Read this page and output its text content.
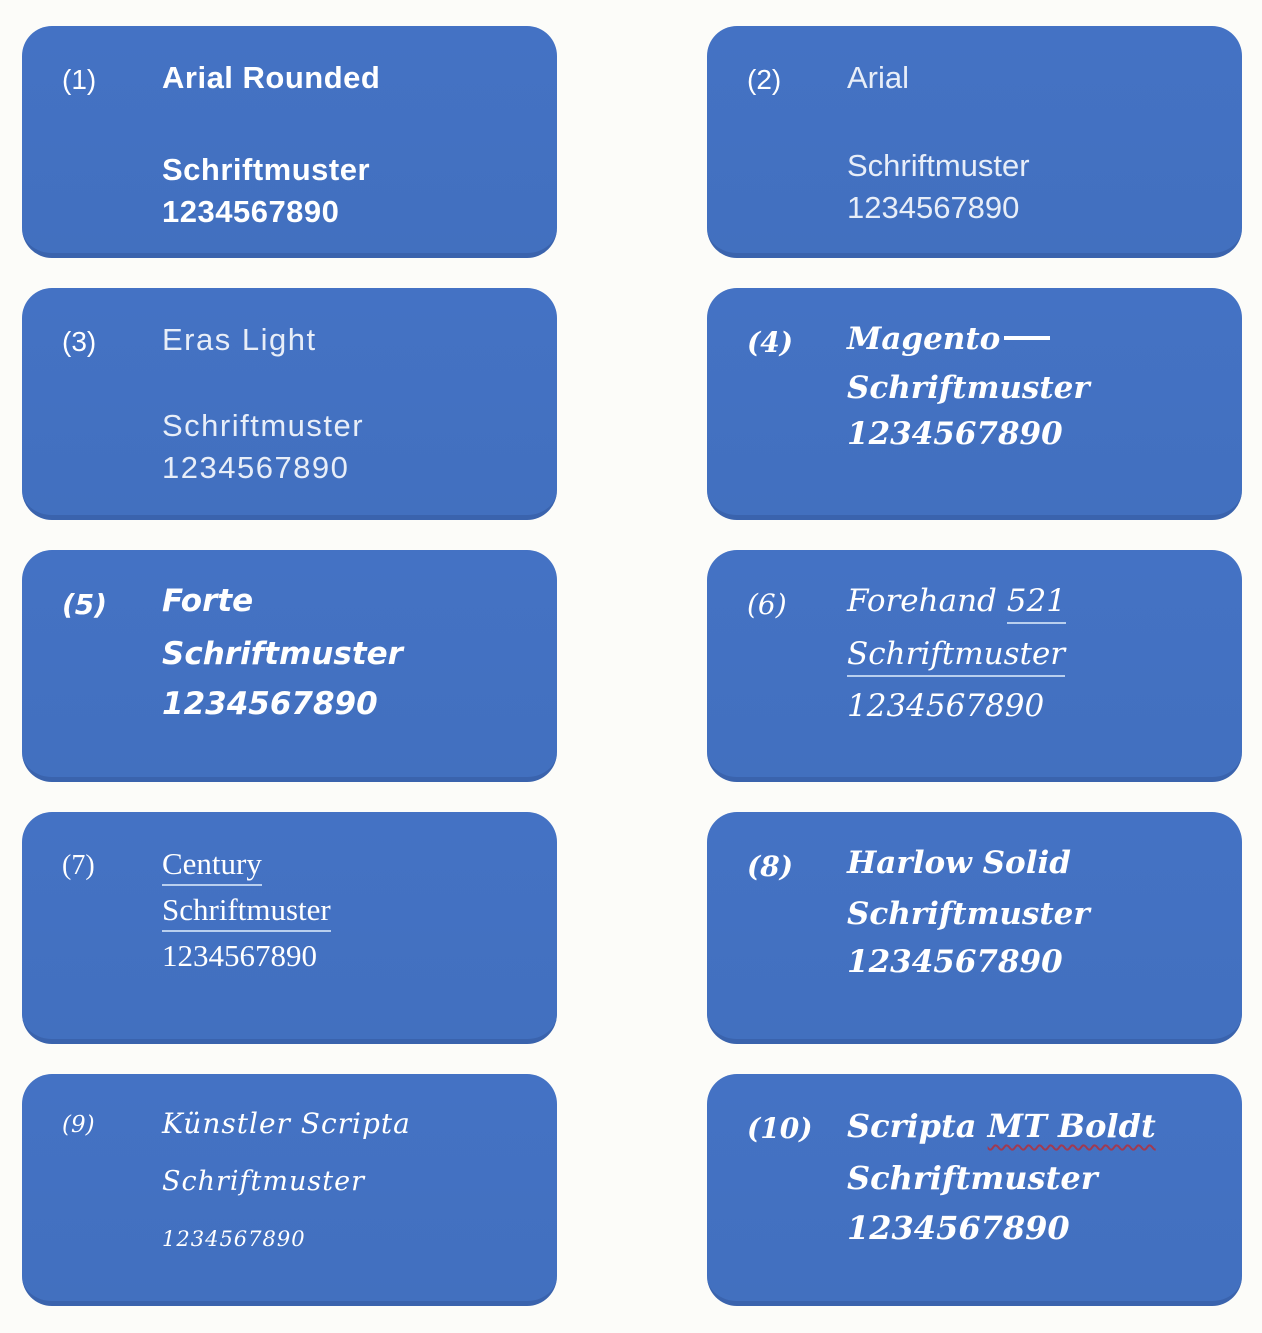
(1)	Arial Rounded
Schriftmuster
1234567890
(2)	Arial
Schriftmuster
1234567890
(3)	Eras Light
Schriftmuster
1234567890
(4)	Magento
Schriftmuster
1234567890
(5)	Forte
Schriftmuster
1234567890
(6)	Forehand 521
Schriftmuster
1234567890
(7)	Century
Schriftmuster
1234567890
(8)	Harlow Solid
Schriftmuster
1234567890
(9)	Künstler Scripta
Schriftmuster
1234567890
(10)	Scripta MT Boldt
Schriftmuster
1234567890
